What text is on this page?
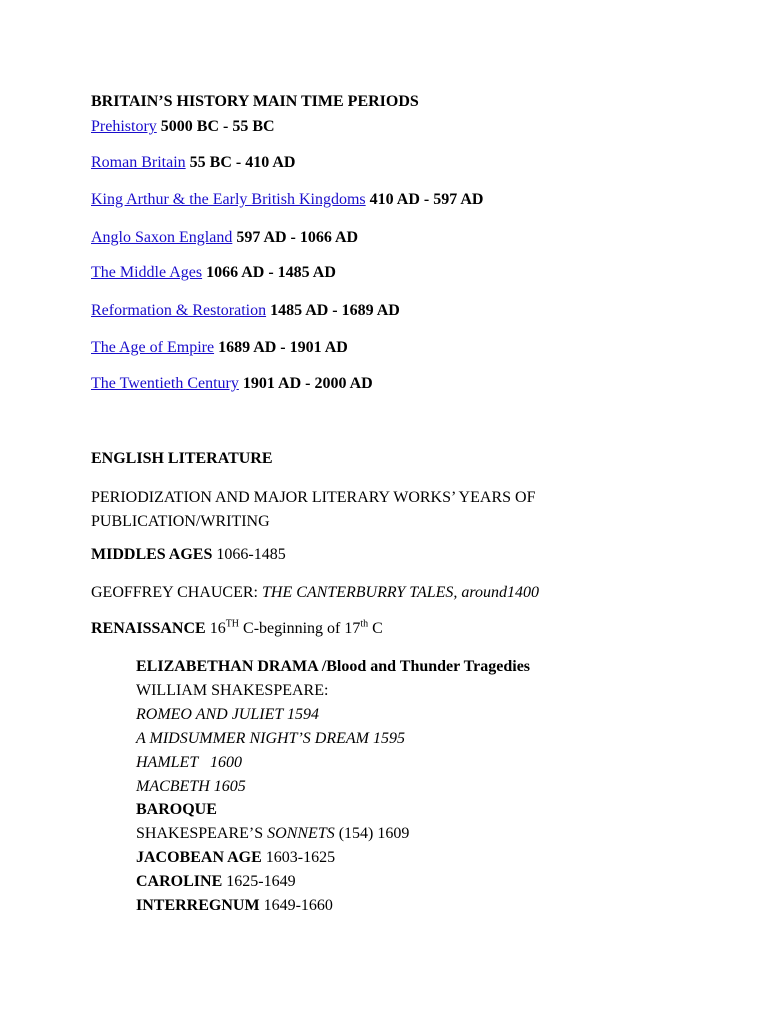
BRITAIN’S HISTORY MAIN TIME PERIODS
Prehistory 5000 BC - 55 BC
Roman Britain 55 BC - 410 AD
King Arthur & the Early British Kingdoms 410 AD - 597 AD
Anglo Saxon England 597 AD - 1066 AD
The Middle Ages 1066 AD - 1485 AD
Reformation & Restoration 1485 AD - 1689 AD
The Age of Empire 1689 AD - 1901 AD
The Twentieth Century 1901 AD - 2000 AD
ENGLISH LITERATURE
PERIODIZATION AND MAJOR LITERARY WORKS’ YEARS OF PUBLICATION/WRITING
MIDDLES AGES 1066-1485
GEOFFREY CHAUCER: THE CANTERBURRY TALES, around1400
RENAISSANCE 16TH C-beginning of 17th C
ELIZABETHAN DRAMA /Blood and Thunder Tragedies
WILLIAM SHAKESPEARE:
ROMEO AND JULIET 1594
A MIDSUMMER NIGHT’S DREAM 1595
HAMLET   1600
MACBETH 1605
BAROQUE
SHAKESPEARE’S SONNETS (154) 1609
JACOBEAN AGE 1603-1625
CAROLINE 1625-1649
INTERREGNUM 1649-1660
